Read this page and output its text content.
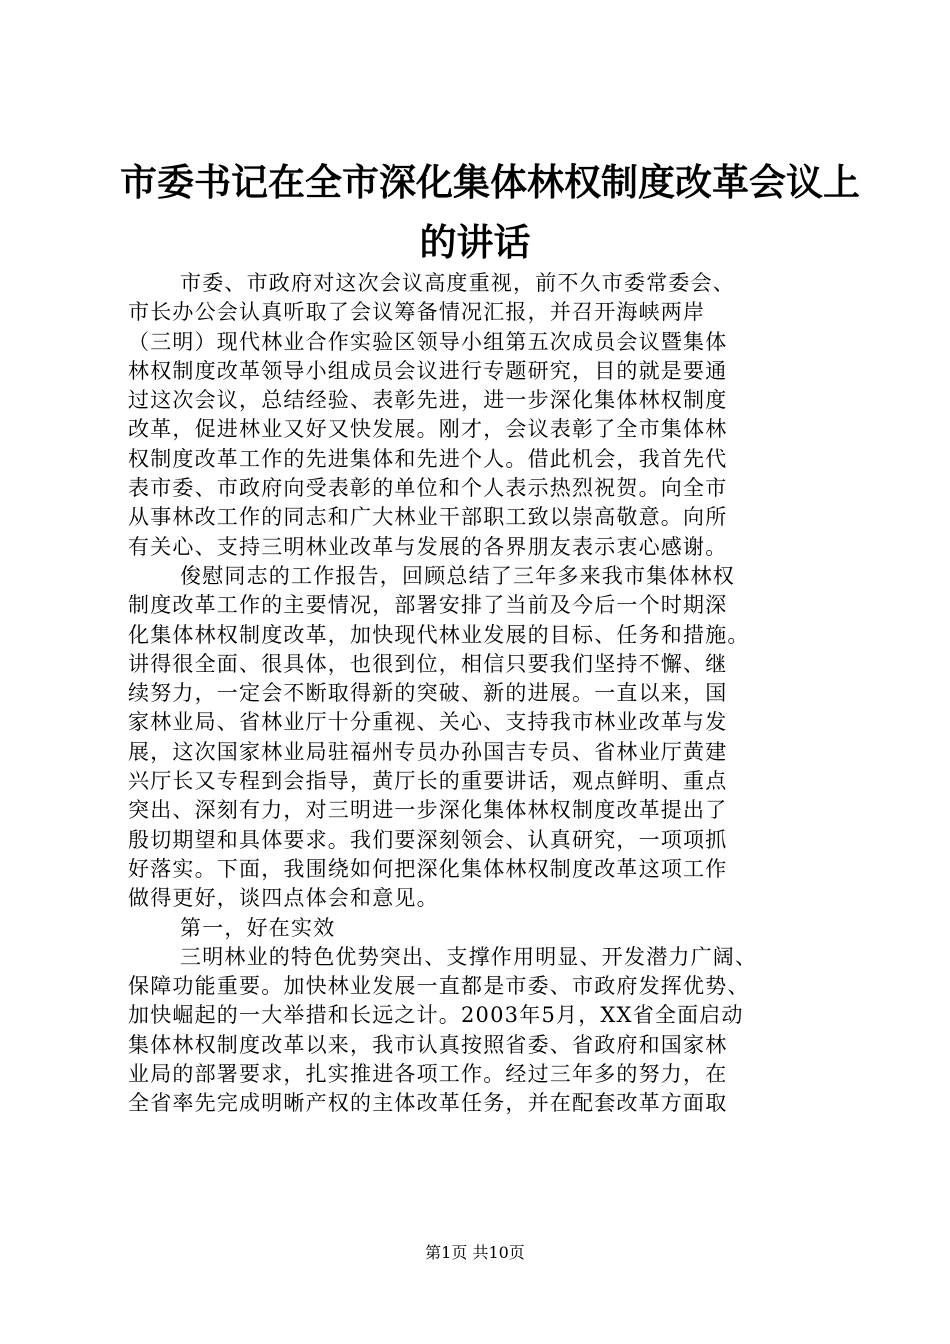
市委书记在全市深化集体林权制度改革会议上
的讲话
市委、市政府对这次会议高度重视，前不久市委常委会、
市长办公会认真听取了会议筹备情况汇报，并召开海峡两岸
（三明）现代林业合作实验区领导小组第五次成员会议暨集体
林权制度改革领导小组成员会议进行专题研究，目的就是要通
过这次会议，总结经验、表彰先进，进一步深化集体林权制度
改革，促进林业又好又快发展。刚才，会议表彰了全市集体林
权制度改革工作的先进集体和先进个人。借此机会，我首先代
表市委、市政府向受表彰的单位和个人表示热烈祝贺。向全市
从事林改工作的同志和广大林业干部职工致以崇高敬意。向所
有关心、支持三明林业改革与发展的各界朋友表示衷心感谢。
俊慰同志的工作报告，回顾总结了三年多来我市集体林权
制度改革工作的主要情况，部署安排了当前及今后一个时期深
化集体林权制度改革，加快现代林业发展的目标、任务和措施。
讲得很全面、很具体，也很到位，相信只要我们坚持不懈、继
续努力，一定会不断取得新的突破、新的进展。一直以来，国
家林业局、省林业厅十分重视、关心、支持我市林业改革与发
展，这次国家林业局驻福州专员办孙国吉专员、省林业厅黄建
兴厅长又专程到会指导，黄厅长的重要讲话，观点鲜明、重点
突出、深刻有力，对三明进一步深化集体林权制度改革提出了
殷切期望和具体要求。我们要深刻领会、认真研究，一项项抓
好落实。下面，我围绕如何把深化集体林权制度改革这项工作
做得更好，谈四点体会和意见。
第一，好在实效
三明林业的特色优势突出、支撑作用明显、开发潜力广阔、
保障功能重要。加快林业发展一直都是市委、市政府发挥优势、
加快崛起的一大举措和长远之计。2003年5月，XX省全面启动
集体林权制度改革以来，我市认真按照省委、省政府和国家林
业局的部署要求，扎实推进各项工作。经过三年多的努力，在
全省率先完成明晰产权的主体改革任务，并在配套改革方面取
第1页 共10页
